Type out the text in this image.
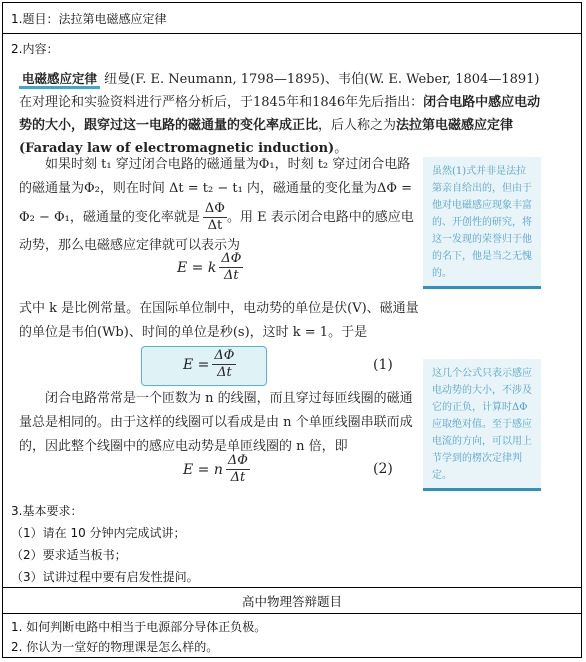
1.题目：法拉第电磁感应定律
2.内容：
电磁感应定律 纽曼(F. E. Neumann, 1798—1895)、韦伯(W. E. Weber, 1804—1891)在对理论和实验资料进行严格分析后，于1845年和1846年先后指出：闭合电路中感应电动势的大小，跟穿过这一电路的磁通量的变化率成正比，后人称之为法拉第电磁感应定律(Faraday law of electromagnetic induction)。
如果时刻 t₁ 穿过闭合电路的磁通量为Φ₁，时刻 t₂ 穿过闭合电路的磁通量为Φ₂，则在时间 Δt = t₂ − t₁ 内，磁通量的变化量为ΔΦ = Φ₂ − Φ₁，磁通量的变化率就是 $\frac{\Delta\Phi}{\Delta t}$ 。用 E 表示闭合电路中的感应电动势，那么电磁感应定律就可以表示为
E = k $\frac{\Delta\Phi}{\Delta t}$
式中 k 是比例常量。在国际单位制中，电动势的单位是伏(V)、磁通量的单位是韦伯(Wb)、时间的单位是秒(s)，这时 k = 1。于是
$E = \frac{\Delta\Phi}{\Delta t}$	(1)
闭合电路常常是一个匝数为 n 的线圈，而且穿过每匝线圈的磁通量总是相同的。由于这样的线圈可以看成是由 n 个单匝线圈串联而成的，因此整个线圈中的感应电动势是单匝线圈的 n 倍，即
E = n $\frac{\Delta\Phi}{\Delta t}$	(2)
虽然(1)式并非是法拉第亲自给出的，但由于他对电磁感应现象丰富的、开创性的研究，将这一发现的荣誉归于他的名下，他是当之无愧的。
这几个公式只表示感应电动势的大小，不涉及它的正负，计算时ΔΦ应取绝对值。至于感应电流的方向，可以用上节学到的楞次定律判定。
3.基本要求：
（1）请在 10 分钟内完成试讲；
（2）要求适当板书；
（3）试讲过程中要有启发性提问。
高中物理答辩题目
1. 如何判断电路中相当于电源部分导体正负极。
2. 你认为一堂好的物理课是怎么样的。
